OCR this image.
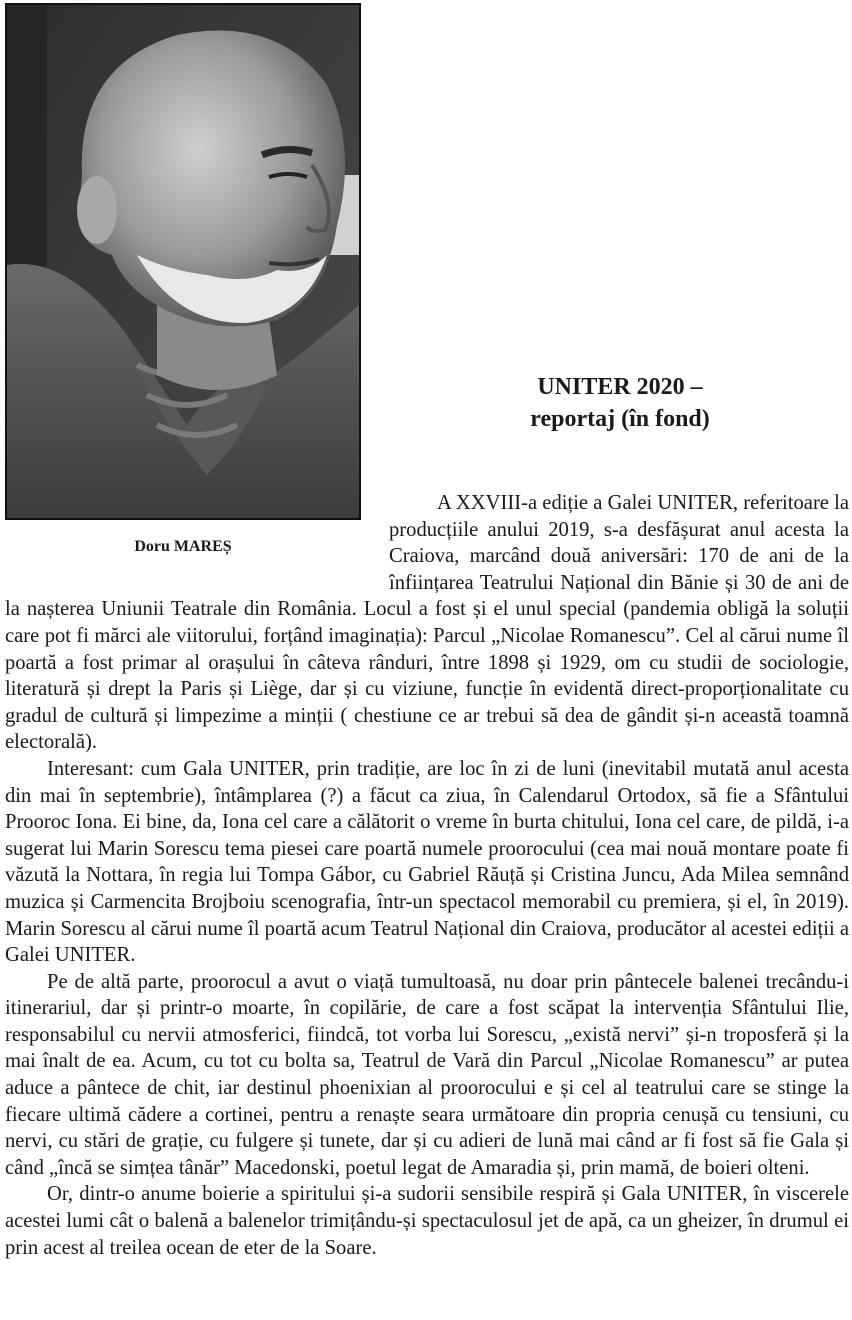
Doru MAREȘ
UNITER 2020 –
reportaj (în fond)

A XXVIII-a ediție a Galei UNITER, referitoare la producțiile anului 2019, s-a desfășurat anul acesta la Craiova, marcând două aniversări: 170 de ani de la înființarea Teatrului Național din Bănie și 30 de ani de la nașterea Uniunii Teatrale din România. Locul a fost și el unul special (pandemia obligă la soluții care pot fi mărci ale viitorului, forțând imaginația): Parcul „Nicolae Romanescu”. Cel al cărui nume îl poartă a fost primar al orașului în câteva rânduri, între 1898 și 1929, om cu studii de sociologie, literatură și drept la Paris și Liège, dar și cu viziune, funcție în evidentă direct-proporționalitate cu gradul de cultură și limpezime a minții ( chestiune ce ar trebui să dea de gândit și-n această toamnă electorală).

Interesant: cum Gala UNITER, prin tradiție, are loc în zi de luni (inevitabil mutată anul acesta din mai în septembrie), întâmplarea (?) a făcut ca ziua, în Calendarul Ortodox, să fie a Sfântului Prooroc Iona. Ei bine, da, Iona cel care a călătorit o vreme în burta chitului, Iona cel care, de pildă, i-a sugerat lui Marin Sorescu tema piesei care poartă numele proorocului (cea mai nouă montare poate fi văzută la Nottara, în regia lui Tompa Gábor, cu Gabriel Răuță și Cristina Juncu, Ada Milea semnând muzica și Carmencita Brojboiu scenografia, într-un spectacol memorabil cu premiera, și el, în 2019). Marin Sorescu al cărui nume îl poartă acum Teatrul Național din Craiova, producător al acestei ediții a Galei UNITER.

Pe de altă parte, proorocul a avut o viață tumultoasă, nu doar prin pântecele balenei trecându-i itinerariul, dar și printr-o moarte, în copilărie, de care a fost scăpat la intervenția Sfântului Ilie, responsabilul cu nervii atmosferici, fiindcă, tot vorba lui Sorescu, „există nervi” și-n troposferă și la mai înalt de ea. Acum, cu tot cu bolta sa, Teatrul de Vară din Parcul „Nicolae Romanescu” ar putea aduce a pântece de chit, iar destinul phoenixian al proorocului e și cel al teatrului care se stinge la fiecare ultimă cădere a cortinei, pentru a renaște seara următoare din propria cenușă cu tensiuni, cu nervi, cu stări de grație, cu fulgere și tunete, dar și cu adieri de lună mai când ar fi fost să fie Gala și când „încă se simțea tânăr” Macedonski, poetul legat de Amaradia și, prin mamă, de boieri olteni.

Or, dintr-o anume boierie a spiritului și-a sudorii sensibile respiră și Gala UNITER, în viscerele acestei lumi cât o balenă a balenelor trimițându-și spectaculosul jet de apă, ca un gheizer, în drumul ei prin acest al treilea ocean de eter de la Soare.
